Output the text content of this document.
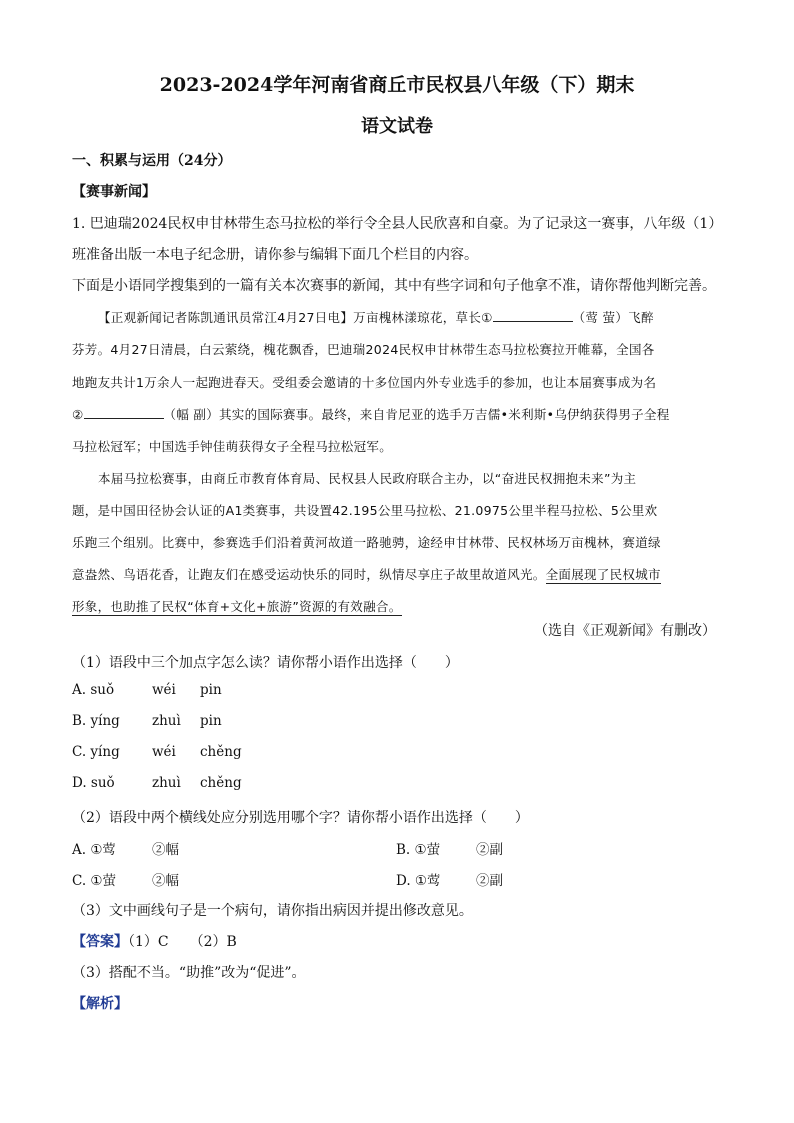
2023-2024学年河南省商丘市民权县八年级（下）期末
语文试卷
一、积累与运用（24分）
【赛事新闻】
1. 巴迪瑞2024民权申甘林带生态马拉松的举行令全县人民欣喜和自豪。为了记录这一赛事，八年级（1）
班准备出版一本电子纪念册，请你参与编辑下面几个栏目的内容。
下面是小语同学搜集到的一篇有关本次赛事的新闻，其中有些字词和句子他拿不准，请你帮他判断完善。
【正观新闻记者陈凯通讯员常江4月27日电】万亩槐林漾琼花，草长①	（莺 萤）飞醉
芬芳。4月27日清晨，白云萦绕，槐花飘香，巴迪瑞2024民权申甘林带生态马拉松赛拉开帷幕，全国各
地跑友共计1万余人一起跑进春天。受组委会邀请的十多位国内外专业选手的参加，也让本届赛事成为名
②	（幅 副）其实的国际赛事。最终，来自肯尼亚的选手万吉儒•米利斯•乌伊纳获得男子全程
马拉松冠军；中国选手钟佳萌获得女子全程马拉松冠军。
本届马拉松赛事，由商丘市教育体育局、民权县人民政府联合主办，以“奋进民权拥抱未来”为主
题，是中国田径协会认证的A1类赛事，共设置42.195公里马拉松、21.0975公里半程马拉松、5公里欢
乐跑三个组别。比赛中，参赛选手们沿着黄河故道一路驰骋，途经申甘林带、民权林场万亩槐林，赛道绿
意盎然、鸟语花香，让跑友们在感受运动快乐的同时，纵情尽享庄子故里故道风光。全面展现了民权城市
形象，也助推了民权“体育+文化+旅游”资源的有效融合。
（选自《正观新闻》有删改）
（1）语段中三个加点字怎么读？请你帮小语作出选择（　　）
A. suǒ	wéi pin
B. yíng zhuì pin
C. yíng wéi chěng
D. suǒ	zhuì chěng
（2）语段中两个横线处应分别选用哪个字？请你帮小语作出选择（　　）
A. ①莺	②幅	B. ①萤	②副
C. ①萤	②幅	D. ①莺	②副
（3）文中画线句子是一个病句，请你指出病因并提出修改意见。
【答案】（1）C　　（2）B
（3）搭配不当。“助推”改为“促进”。
【解析】
